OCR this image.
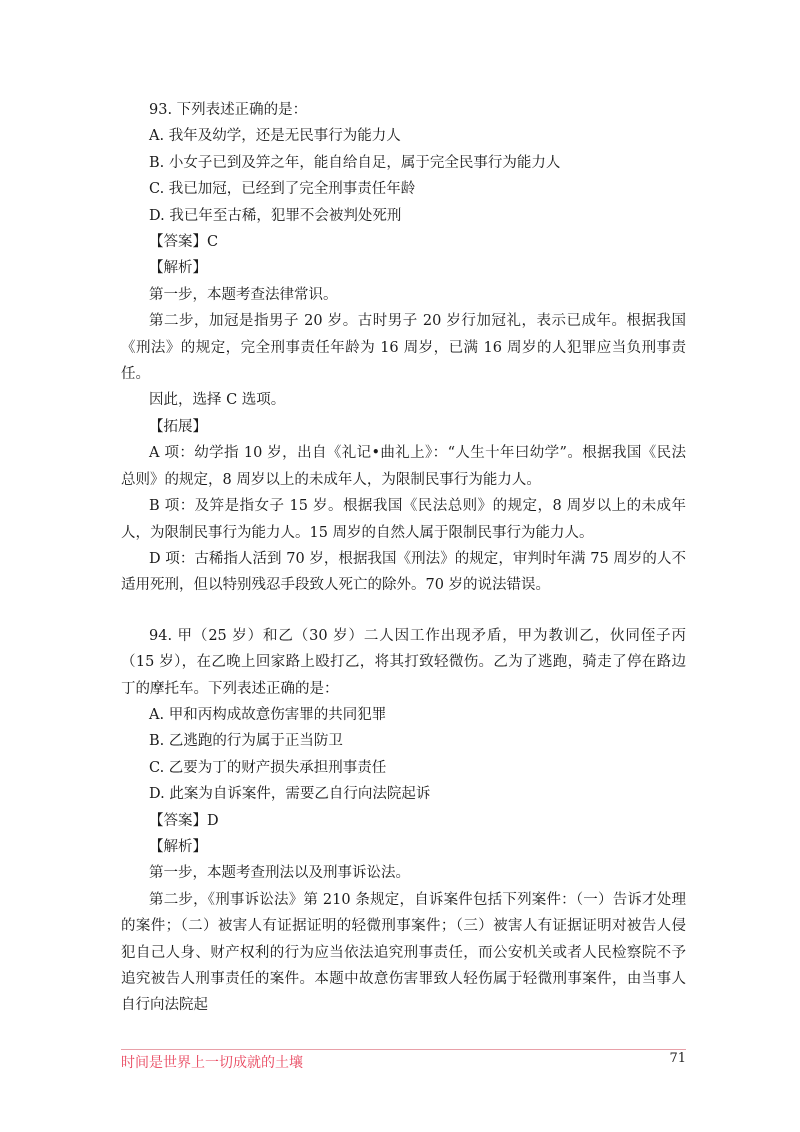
93. 下列表述正确的是：

A. 我年及幼学，还是无民事行为能力人

B. 小女子已到及笄之年，能自给自足，属于完全民事行为能力人

C. 我已加冠，已经到了完全刑事责任年龄

D. 我已年至古稀，犯罪不会被判处死刑

【答案】C

【解析】

第一步，本题考查法律常识。

第二步，加冠是指男子 20 岁。古时男子 20 岁行加冠礼，表示已成年。根据我国《刑法》的规定，完全刑事责任年龄为 16 周岁，已满 16 周岁的人犯罪应当负刑事责任。

因此，选择 C 选项。

【拓展】

A 项：幼学指 10 岁，出自《礼记•曲礼上》：“人生十年曰幼学”。根据我国《民法总则》的规定，8 周岁以上的未成年人，为限制民事行为能力人。

B 项：及笄是指女子 15 岁。根据我国《民法总则》的规定，8 周岁以上的未成年人，为限制民事行为能力人。15 周岁的自然人属于限制民事行为能力人。

D 项：古稀指人活到 70 岁，根据我国《刑法》的规定，审判时年满 75 周岁的人不适用死刑，但以特别残忍手段致人死亡的除外。70 岁的说法错误。

94. 甲（25 岁）和乙（30 岁）二人因工作出现矛盾，甲为教训乙，伙同侄子丙（15 岁），在乙晚上回家路上殴打乙，将其打致轻微伤。乙为了逃跑，骑走了停在路边丁的摩托车。下列表述正确的是：

A. 甲和丙构成故意伤害罪的共同犯罪

B. 乙逃跑的行为属于正当防卫

C. 乙要为丁的财产损失承担刑事责任

D. 此案为自诉案件，需要乙自行向法院起诉

【答案】D

【解析】

第一步，本题考查刑法以及刑事诉讼法。

第二步，《刑事诉讼法》第 210 条规定，自诉案件包括下列案件：（一）告诉才处理的案件；（二）被害人有证据证明的轻微刑事案件；（三）被害人有证据证明对被告人侵犯自己人身、财产权利的行为应当依法追究刑事责任，而公安机关或者人民检察院不予追究被告人刑事责任的案件。本题中故意伤害罪致人轻伤属于轻微刑事案件，由当事人自行向法院起

时间是世界上一切成就的土壤	71
